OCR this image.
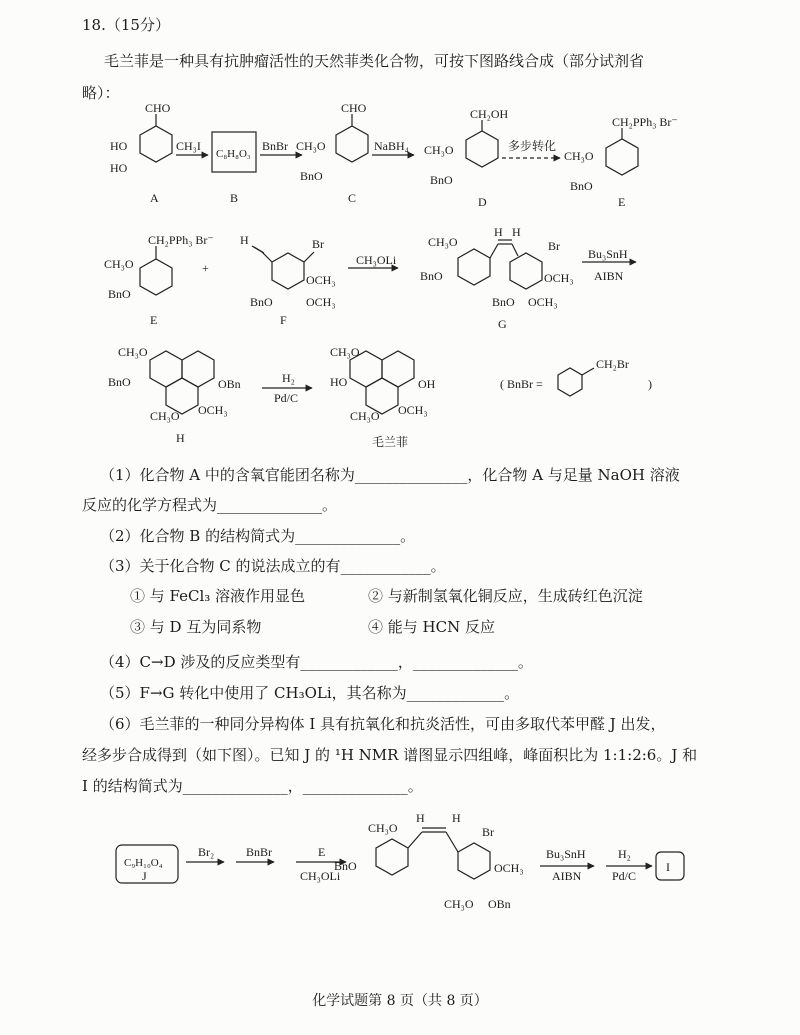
18.（15分）
毛兰菲是一种具有抗肿瘤活性的天然菲类化合物，可按下图路线合成（部分试剂省
略）：
CHO
HO
HO
A
CH₃I
C₈H₈O₃
B
BnBr
CHO
CH₃O
BnO
C
NaBH₄
CH₂OH
CH₃O
BnO
D
多步转化
CH₂PPh₃ Br⁻
CH₃O
BnO
E
CH₂PPh₃ Br⁻
CH₃O
BnO
E
+
H	Br
OCH₃
OCH₃
BnO
F
CH₃OLi
H H
Br
CH₃O
BnO	OCH₃
OCH₃
BnO
G
Bu₃SnH
AIBN
CH₃O
BnO	OBn
CH₃O OCH₃
H
H₂
Pd/C
CH₃O
HO	OH
CH₃O OCH₃
毛兰菲
( BnBr =
CH₂Br
)
C₉H₁₀O₄
J
Br₂	BnBr	E
CH₃OLi
CH₃O
BnO
H H
Br
OCH₃
CH₃O OBn
Bu₃SnH
AIBN
H₂
Pd/C
I
（1）化合物 A 中的含氧官能团名称为_______________，化合物 A 与足量 NaOH 溶液
反应的化学方程式为______________。
（2）化合物 B 的结构简式为______________。
（3）关于化合物 C 的说法成立的有____________。
① 与 FeCl₃ 溶液作用显色	② 与新制氢氧化铜反应，生成砖红色沉淀
③ 与 D 互为同系物	④ 能与 HCN 反应
（4）C→D 涉及的反应类型有_____________，______________。
（5）F→G 转化中使用了 CH₃OLi，其名称为_____________。
（6）毛兰菲的一种同分异构体 I 具有抗氧化和抗炎活性，可由多取代苯甲醛 J 出发，
经多步合成得到（如下图）。已知 J 的 ¹H NMR 谱图显示四组峰，峰面积比为 1:1:2:6。J 和
I 的结构简式为______________，______________。
化学试题第 8 页（共 8 页）
